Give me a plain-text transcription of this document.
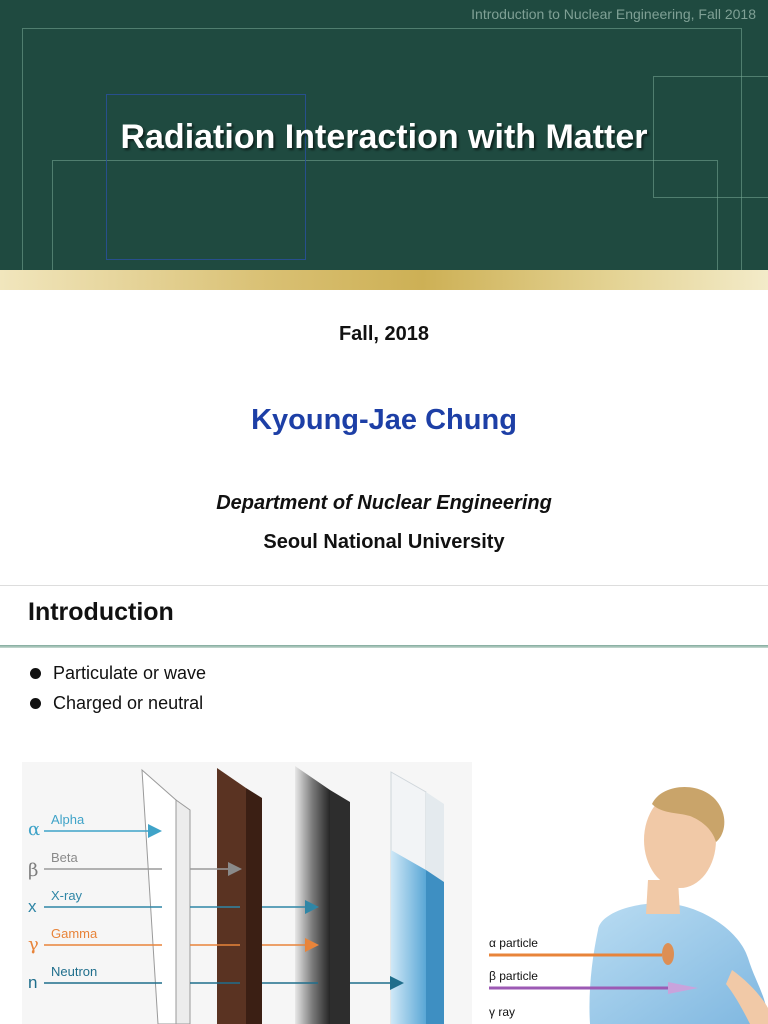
Introduction to Nuclear Engineering, Fall 2018
Radiation Interaction with Matter
Fall, 2018
Kyoung-Jae Chung
Department of Nuclear Engineering
Seoul National University
Introduction
Particulate or wave
Charged or neutral
α Alpha
β
Beta
x
X-ray
γ
Gamma
n
Neutron
α particle
β particle
γ ray
